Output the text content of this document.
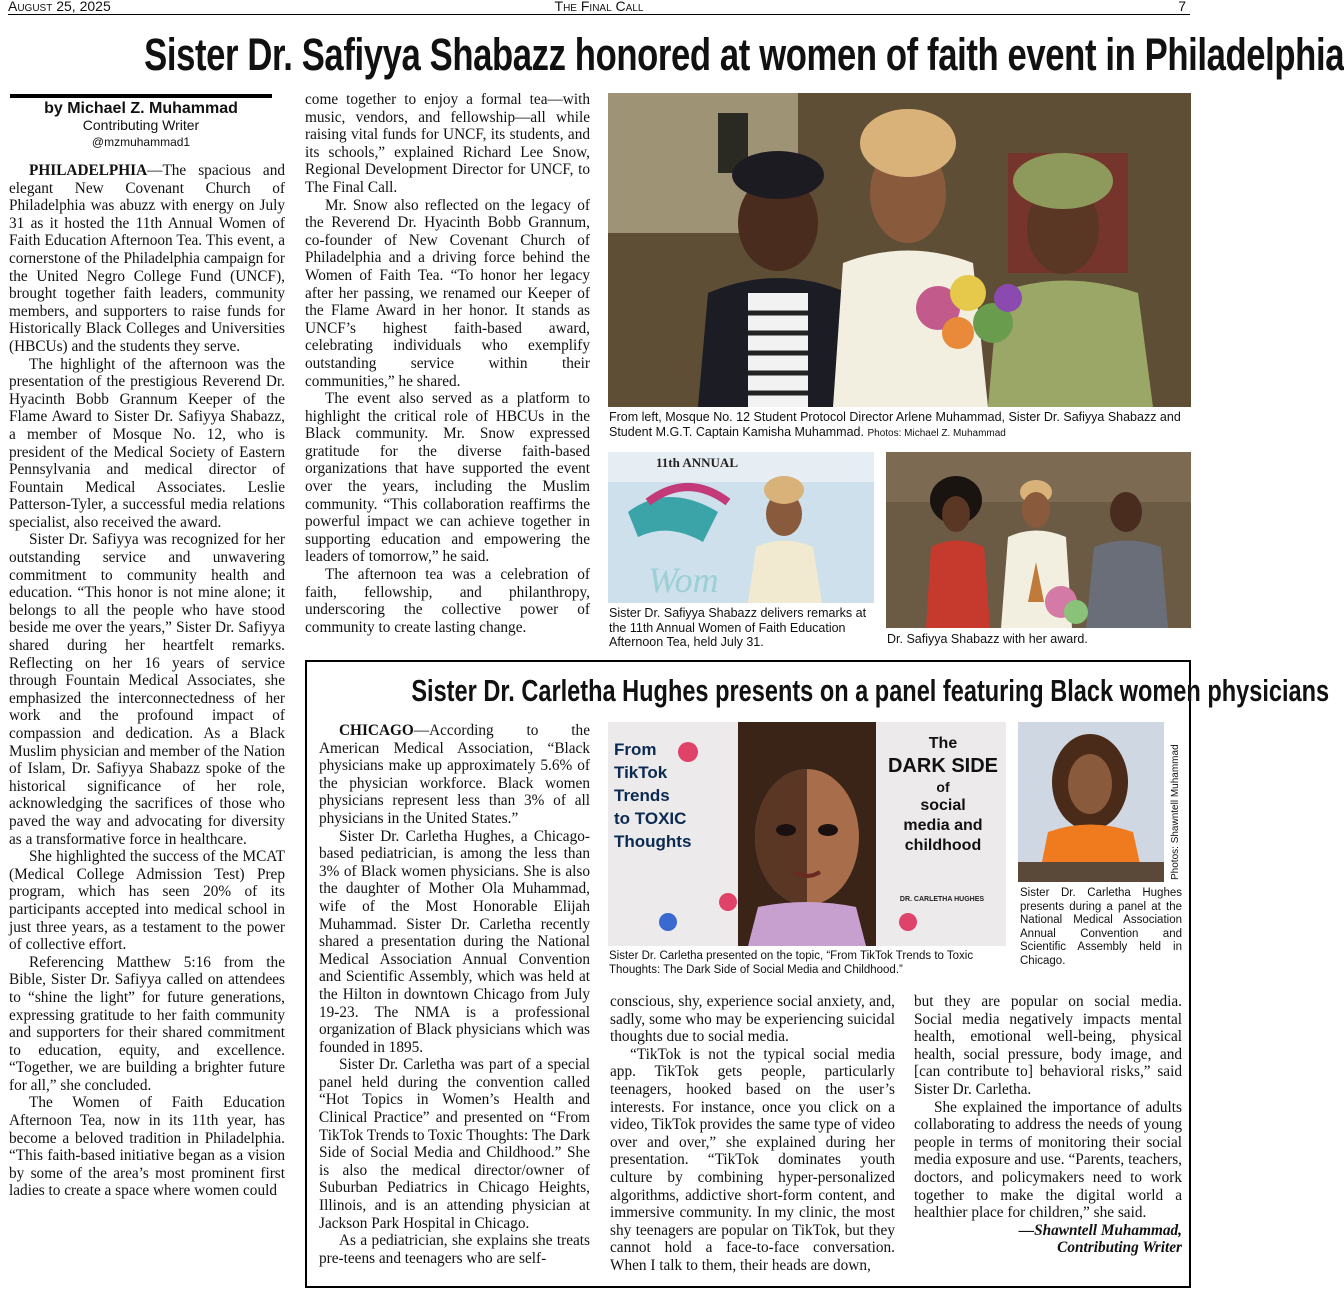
August 25, 2025	The Final Call	7
Sister Dr. Safiyya Shabazz honored at women of faith event in Philadelphia
by Michael Z. Muhammad
Contributing Writer
@mzmuhammad1

PHILADELPHIA—The spacious and elegant New Covenant Church of Philadelphia was abuzz with energy on July 31 as it hosted the 11th Annual Women of Faith Education Afternoon Tea. This event, a cornerstone of the Philadelphia campaign for the United Negro College Fund (UNCF), brought together faith leaders, community members, and supporters to raise funds for Historically Black Colleges and Universities (HBCUs) and the students they serve.

The highlight of the afternoon was the presentation of the prestigious Reverend Dr. Hyacinth Bobb Grannum Keeper of the Flame Award to Sister Dr. Safiyya Shabazz, a member of Mosque No. 12, who is president of the Medical Society of Eastern Pennsylvania and medical director of Fountain Medical Associates. Leslie Patterson-Tyler, a successful media relations specialist, also received the award.

Sister Dr. Safiyya was recognized for her outstanding service and unwavering commitment to community health and education. “This honor is not mine alone; it belongs to all the people who have stood beside me over the years,” Sister Dr. Safiyya shared during her heartfelt remarks. Reflecting on her 16 years of service through Fountain Medical Associates, she emphasized the interconnectedness of her work and the profound impact of compassion and dedication. As a Black Muslim physician and member of the Nation of Islam, Dr. Safiyya Shabazz spoke of the historical significance of her role, acknowledging the sacrifices of those who paved the way and advocating for diversity as a transformative force in healthcare.

She highlighted the success of the MCAT (Medical College Admission Test) Prep program, which has seen 20% of its participants accepted into medical school in just three years, as a testament to the power of collective effort.

Referencing Matthew 5:16 from the Bible, Sister Dr. Safiyya called on attendees to “shine the light” for future generations, expressing gratitude to her faith community and supporters for their shared commitment to education, equity, and excellence. “Together, we are building a brighter future for all,” she concluded.

The Women of Faith Education Afternoon Tea, now in its 11th year, has become a beloved tradition in Philadelphia. “This faith-based initiative began as a vision by some of the area’s most prominent first ladies to create a space where women could

come together to enjoy a formal tea—with music, vendors, and fellowship—all while raising vital funds for UNCF, its students, and its schools,” explained Richard Lee Snow, Regional Development Director for UNCF, to The Final Call.

Mr. Snow also reflected on the legacy of the Reverend Dr. Hyacinth Bobb Grannum, co-founder of New Covenant Church of Philadelphia and a driving force behind the Women of Faith Tea. “To honor her legacy after her passing, we renamed our Keeper of the Flame Award in her honor. It stands as UNCF’s highest faith-based award, celebrating individuals who exemplify outstanding service within their communities,” he shared.

The event also served as a platform to highlight the critical role of HBCUs in the Black community. Mr. Snow expressed gratitude for the diverse faith-based organizations that have supported the event over the years, including the Muslim community. “This collaboration reaffirms the powerful impact we can achieve together in supporting education and empowering the leaders of tomorrow,” he said.

The afternoon tea was a celebration of faith, fellowship, and philanthropy, underscoring the collective power of community to create lasting change.

From left, Mosque No. 12 Student Protocol Director Arlene Muhammad, Sister Dr. Safiyya Shabazz and Student M.G.T. Captain Kamisha Muhammad. Photos: Michael Z. Muhammad
Wom
11th ANNUAL
Sister Dr. Safiyya Shabazz delivers remarks at the 11th Annual Women of Faith Education Afternoon Tea, held July 31.	Dr. Safiyya Shabazz with her award.
Sister Dr. Carletha Hughes presents on a panel featuring Black women physicians

CHICAGO—According to the American Medical Association, “Black physicians make up approximately 5.6% of the physician workforce. Black women physicians represent less than 3% of all physicians in the United States.”

Sister Dr. Carletha Hughes, a Chicago-based pediatrician, is among the less than 3% of Black women physicians. She is also the daughter of Mother Ola Muhammad, wife of the Most Honorable Elijah Muhammad. Sister Dr. Carletha recently shared a presentation during the National Medical Association Annual Convention and Scientific Assembly, which was held at the Hilton in downtown Chicago from July 19-23. The NMA is a professional organization of Black physicians which was founded in 1895.

Sister Dr. Carletha was part of a special panel held during the convention called “Hot Topics in Women’s Health and Clinical Practice” and presented on “From TikTok Trends to Toxic Thoughts: The Dark Side of Social Media and Childhood.” She is also the medical director/owner of Suburban Pediatrics in Chicago Heights, Illinois, and is an attending physician at Jackson Park Hospital in Chicago.

As a pediatrician, she explains she treats pre-teens and teenagers who are self-

From
TikTok
Trends
to TOXIC
Thoughts
The
DARK SIDE
of
social
media and
childhood
DR. CARLETHA HUGHES
Sister Dr. Carletha presented on the topic, “From TikTok Trends to Toxic Thoughts: The Dark Side of Social Media and Childhood.”
Photos: Shawntell Muhammad
Sister Dr. Carletha Hughes presents during a panel at the National Medical Association Annual Convention and Scientific Assembly held in Chicago.

conscious, shy, experience social anxiety, and, sadly, some who may be experiencing suicidal thoughts due to social media.

“TikTok is not the typical social media app. TikTok gets people, particularly teenagers, hooked based on the user’s interests. For instance, once you click on a video, TikTok provides the same type of video over and over,” she explained during her presentation. “TikTok dominates youth culture by combining hyper-personalized algorithms, addictive short-form content, and immersive community. In my clinic, the most shy teenagers are popular on TikTok, but they cannot hold a face-to-face conversation. When I talk to them, their heads are down,

but they are popular on social media. Social media negatively impacts mental health, emotional well-being, physical health, social pressure, body image, and [can contribute to] behavioral risks,” said Sister Dr. Carletha.

She explained the importance of adults collaborating to address the needs of young people in terms of monitoring their social media exposure and use. “Parents, teachers, doctors, and policymakers need to work together to make the digital world a healthier place for children,” she said.

—Shawntell Muhammad,
Contributing Writer
